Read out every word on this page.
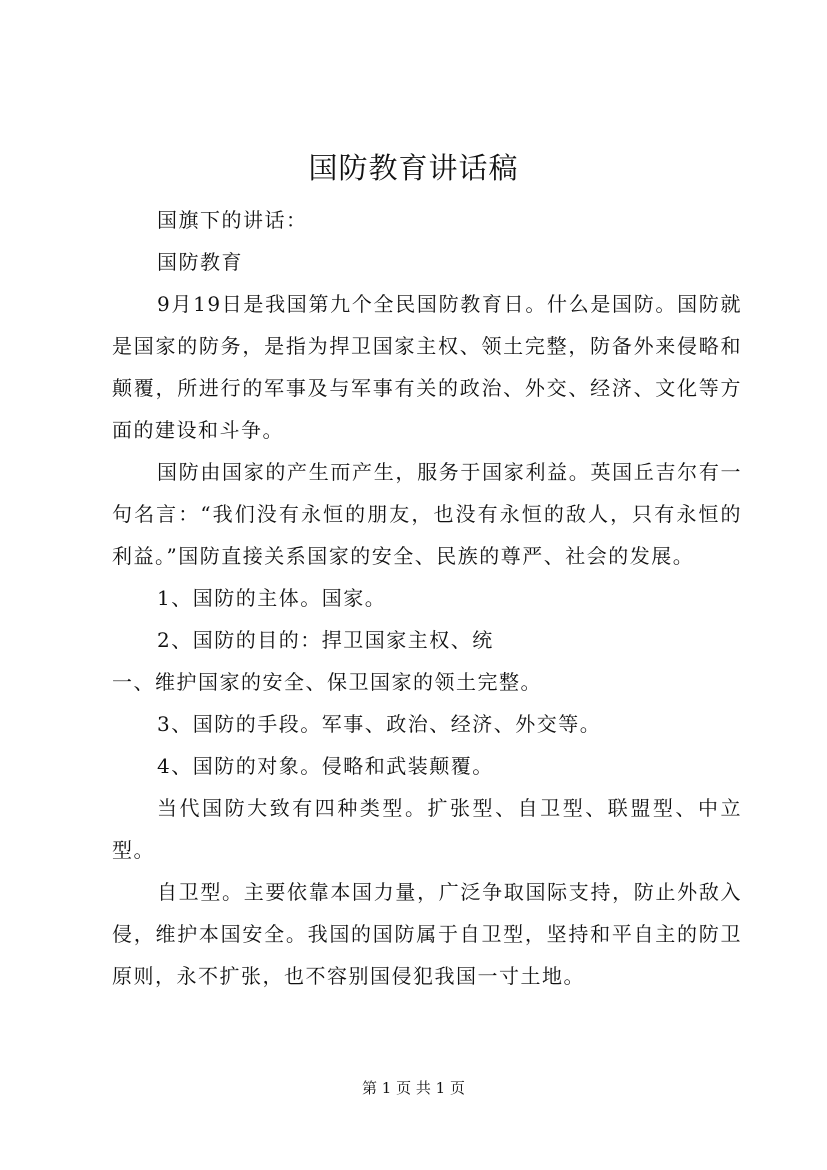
国防教育讲话稿

国旗下的讲话：

国防教育

9月19日是我国第九个全民国防教育日。什么是国防。国防就是国家的防务，是指为捍卫国家主权、领土完整，防备外来侵略和颠覆，所进行的军事及与军事有关的政治、外交、经济、文化等方面的建设和斗争。

国防由国家的产生而产生，服务于国家利益。英国丘吉尔有一句名言：“我们没有永恒的朋友，也没有永恒的敌人，只有永恒的利益。”国防直接关系国家的安全、民族的尊严、社会的发展。

1、国防的主体。国家。

2、国防的目的：捍卫国家主权、统

一、维护国家的安全、保卫国家的领土完整。

3、国防的手段。军事、政治、经济、外交等。

4、国防的对象。侵略和武装颠覆。

当代国防大致有四种类型。扩张型、自卫型、联盟型、中立型。

自卫型。主要依靠本国力量，广泛争取国际支持，防止外敌入侵，维护本国安全。我国的国防属于自卫型，坚持和平自主的防卫原则，永不扩张，也不容别国侵犯我国一寸土地。

第 1 页 共 1 页
